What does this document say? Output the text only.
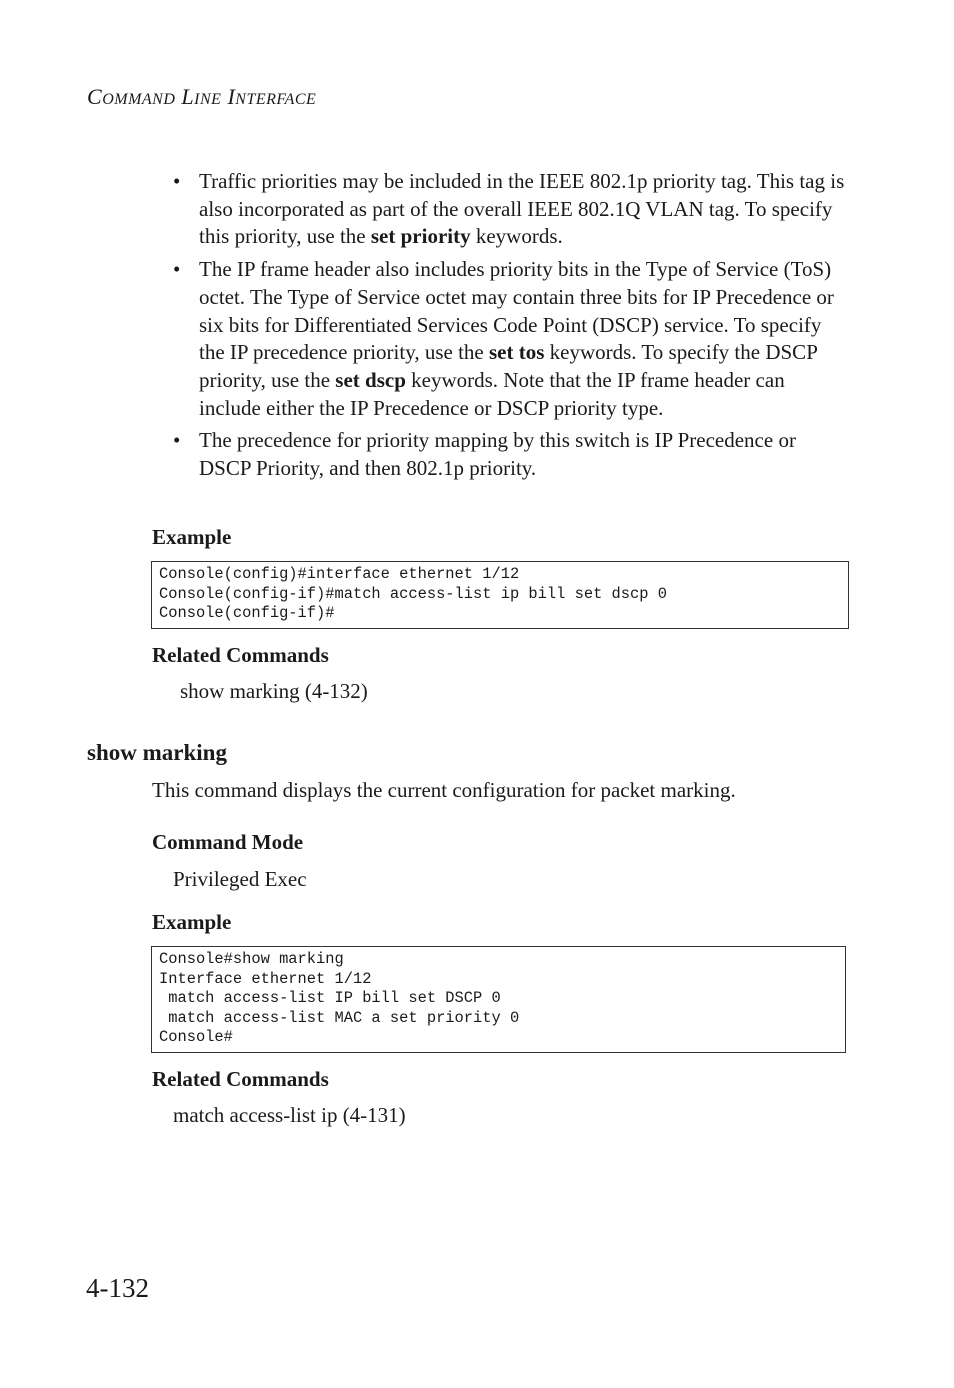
COMMAND LINE INTERFACE
• Traffic priorities may be included in the IEEE 802.1p priority tag. This tag is also incorporated as part of the overall IEEE 802.1Q VLAN tag. To specify this priority, use the set priority keywords.
• The IP frame header also includes priority bits in the Type of Service (ToS) octet. The Type of Service octet may contain three bits for IP Precedence or six bits for Differentiated Services Code Point (DSCP) service. To specify the IP precedence priority, use the set tos keywords. To specify the DSCP priority, use the set dscp keywords. Note that the IP frame header can include either the IP Precedence or DSCP priority type.
• The precedence for priority mapping by this switch is IP Precedence or DSCP Priority, and then 802.1p priority.
Example
Console(config)#interface ethernet 1/12
Console(config-if)#match access-list ip bill set dscp 0
Console(config-if)#
Related Commands
show marking (4-132)
show marking
This command displays the current configuration for packet marking.
Command Mode
Privileged Exec
Example
Console#show marking
Interface ethernet 1/12
match access-list IP bill set DSCP 0
match access-list MAC a set priority 0
Console#
Related Commands
match access-list ip (4-131)
4-132
